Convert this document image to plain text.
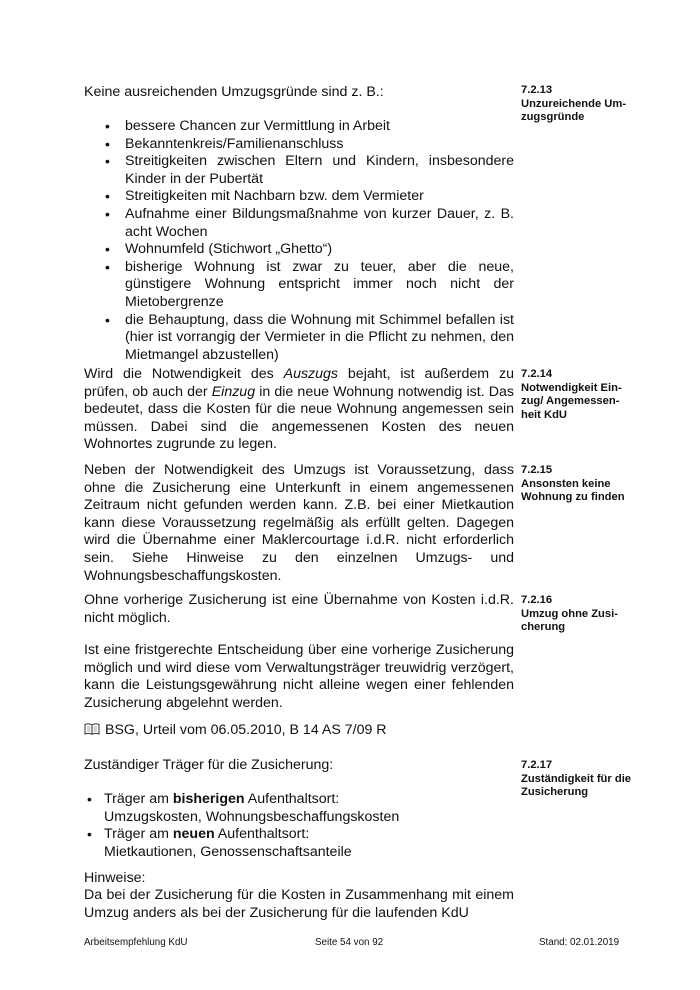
Keine ausreichenden Umzugsgründe sind z. B.:
• bessere Chancen zur Vermittlung in Arbeit
• Bekanntenkreis/Familienanschluss
• Streitigkeiten zwischen Eltern und Kindern, insbesondere Kinder in der Pubertät
• Streitigkeiten mit Nachbarn bzw. dem Vermieter
• Aufnahme einer Bildungsmaßnahme von kurzer Dauer, z. B. acht Wochen
• Wohnumfeld (Stichwort „Ghetto“)
• bisherige Wohnung ist zwar zu teuer, aber die neue, günstigere Wohnung entspricht immer noch nicht der Mietobergrenze
• die Behauptung, dass die Wohnung mit Schimmel befallen ist (hier ist vorrangig der Vermieter in die Pflicht zu nehmen, den Mietmangel abzustellen)
7.2.13
Unzureichende Um-
zugsgründe
Wird die Notwendigkeit des Auszugs bejaht, ist außerdem zu prüfen, ob auch der Einzug in die neue Wohnung notwendig ist. Das bedeutet, dass die Kosten für die neue Wohnung angemessen sein müssen. Dabei sind die angemessenen Kosten des neuen Wohnortes zugrunde zu legen.
7.2.14
Notwendigkeit Ein-
zug/ Angemessen-
heit KdU
Neben der Notwendigkeit des Umzugs ist Voraussetzung, dass ohne die Zusicherung eine Unterkunft in einem angemessenen Zeitraum nicht gefunden werden kann. Z.B. bei einer Mietkaution kann diese Voraussetzung regelmäßig als erfüllt gelten. Dagegen wird die Übernahme einer Maklercourtage i.d.R. nicht erforderlich sein. Siehe Hinweise zu den einzelnen Umzugs- und Wohnungsbeschaffungskosten.
7.2.15
Ansonsten keine
Wohnung zu finden
Ohne vorherige Zusicherung ist eine Übernahme von Kosten i.d.R. nicht möglich.
Ist eine fristgerechte Entscheidung über eine vorherige Zusicherung möglich und wird diese vom Verwaltungsträger treuwidrig verzögert, kann die Leistungsgewährung nicht alleine wegen einer fehlenden Zusicherung abgelehnt werden.
7.2.16
Umzug ohne Zusi-
cherung
BSG, Urteil vom 06.05.2010, B 14 AS 7/09 R
Zuständiger Träger für die Zusicherung:
• Träger am bisherigen Aufenthaltsort:
Umzugskosten, Wohnungsbeschaffungskosten
• Träger am neuen Aufenthaltsort:
Mietkautionen, Genossenschaftsanteile
7.2.17
Zuständigkeit für die
Zusicherung
Hinweise:
Da bei der Zusicherung für die Kosten in Zusammenhang mit einem Umzug anders als bei der Zusicherung für die laufenden KdU
Arbeitsempfehlung KdU	Seite 54 von 92	Stand: 02.01.2019
